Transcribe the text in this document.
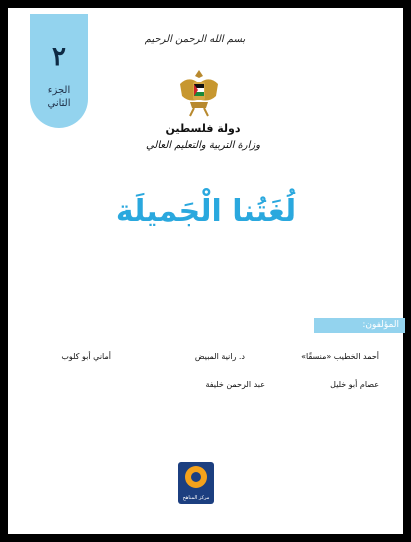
٢
الجزء
الثاني
بسم الله الرحمن الرحيم
دولة فلسطين
وزارة التربية والتعليم العالي
لُغَتُنا الْجَميلَة
المؤلفون:
أحمد الخطيب «منسقًا»
د. رانية المبيض
أماني أبو كلوب
عصام أبو خليل
عبد الرحمن خليفة
مركز المناهج
